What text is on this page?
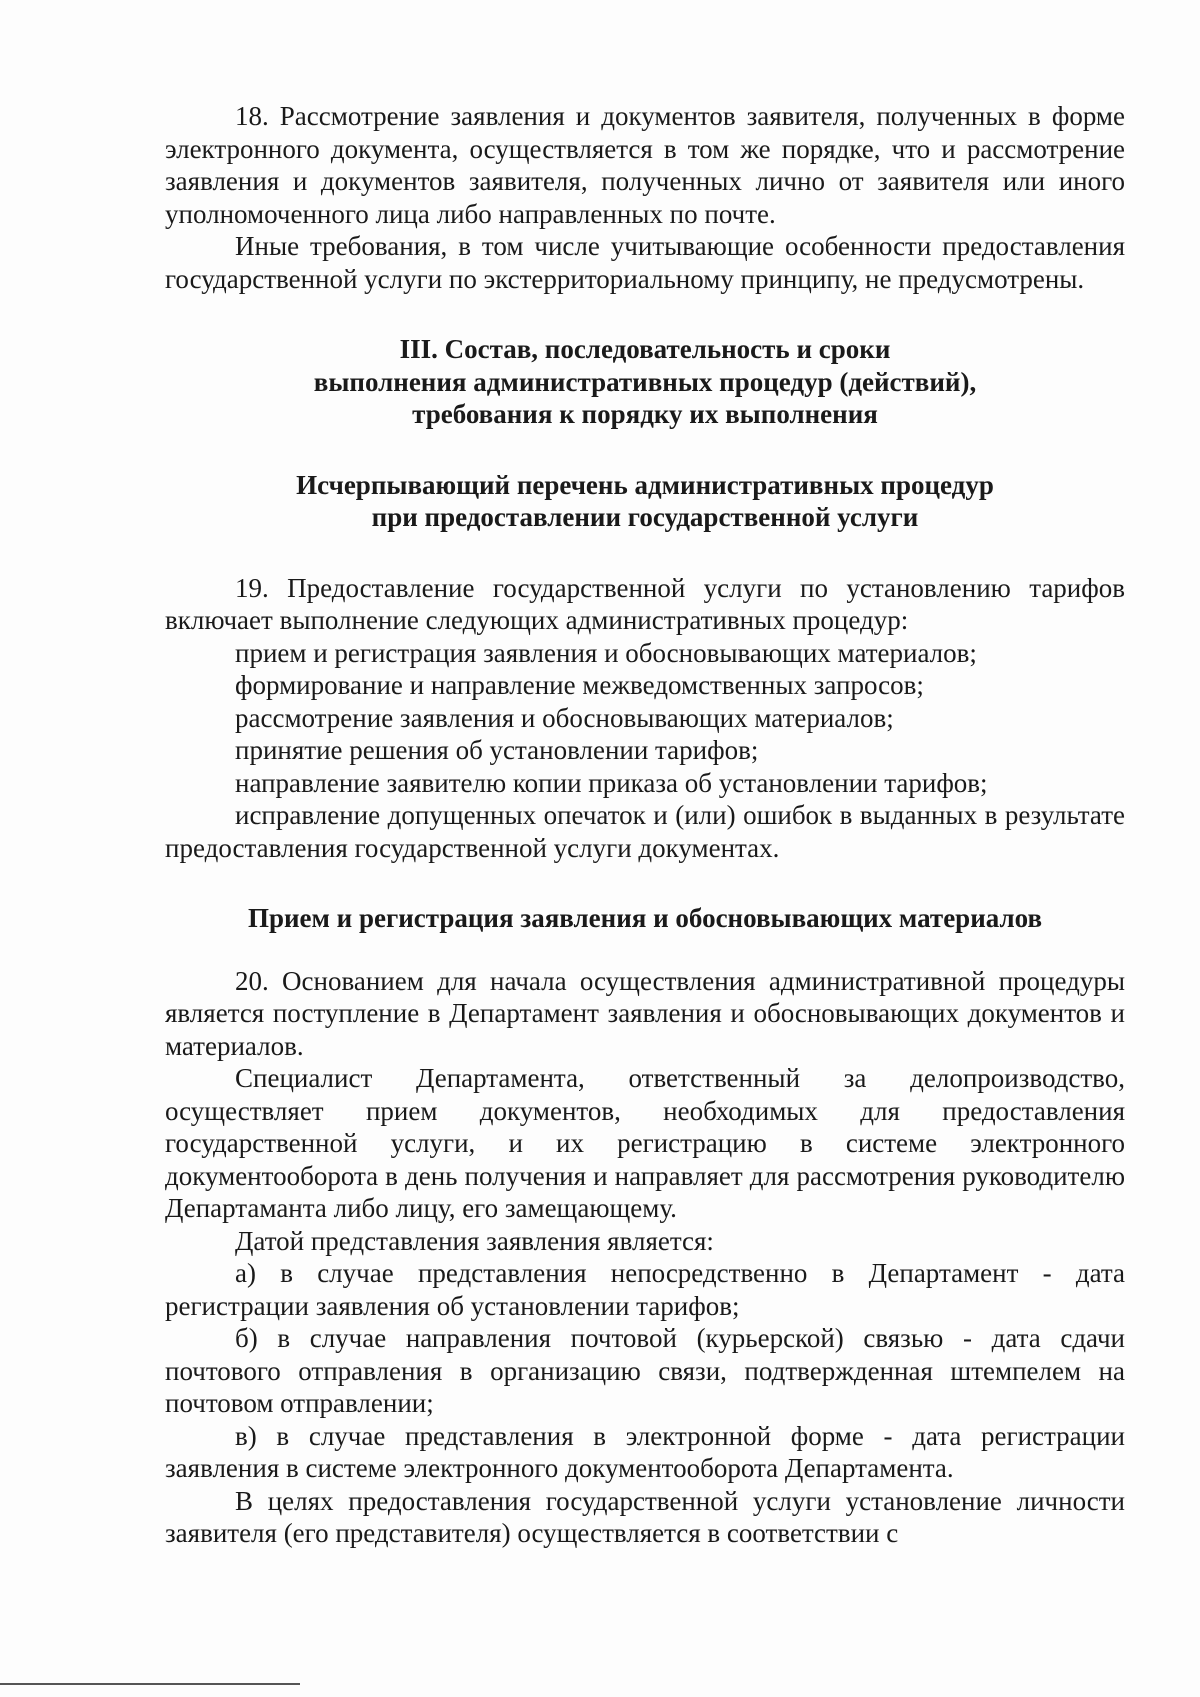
18. Рассмотрение заявления и документов заявителя, полученных в форме электронного документа, осуществляется в том же порядке, что и рассмотрение заявления и документов заявителя, полученных лично от заявителя или иного уполномоченного лица либо направленных по почте.

Иные требования, в том числе учитывающие особенности предоставления государственной услуги по экстерриториальному принципу, не предусмотрены.

III. Состав, последовательность и сроки

выполнения административных процедур (действий),

требования к порядку их выполнения

Исчерпывающий перечень административных процедур

при предоставлении государственной услуги

19. Предоставление государственной услуги по установлению тарифов включает выполнение следующих административных процедур:

прием и регистрация заявления и обосновывающих материалов;

формирование и направление межведомственных запросов;

рассмотрение заявления и обосновывающих материалов;

принятие решения об установлении тарифов;

направление заявителю копии приказа об установлении тарифов;

исправление допущенных опечаток и (или) ошибок в выданных в результате предоставления государственной услуги документах.

Прием и регистрация заявления и обосновывающих материалов

20. Основанием для начала осуществления административной процедуры является поступление в Департамент заявления и обосновывающих документов и материалов.

Специалист Департамента, ответственный за делопроизводство, осуществляет прием документов, необходимых для предоставления государственной услуги, и их регистрацию в системе электронного документооборота в день получения и направляет для рассмотрения руководителю Департаманта либо лицу, его замещающему.

Датой представления заявления является:

а) в случае представления непосредственно в Департамент - дата регистрации заявления об установлении тарифов;

б) в случае направления почтовой (курьерской) связью - дата сдачи почтового отправления в организацию связи, подтвержденная штемпелем на почтовом отправлении;

в) в случае представления в электронной форме - дата регистрации заявления в системе электронного документооборота Департамента.

В целях предоставления государственной услуги установление личности заявителя (его представителя) осуществляется в соответствии с
